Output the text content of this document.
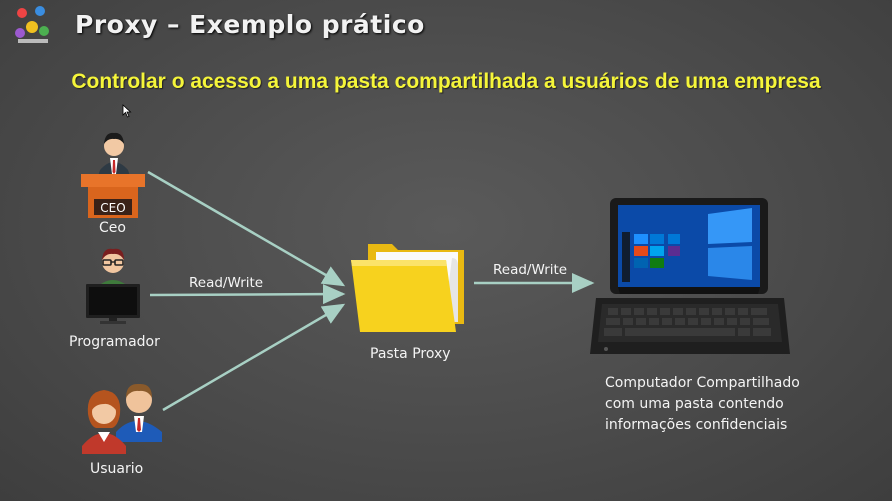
Proxy – Exemplo prático
Controlar o acesso a uma pasta compartilhada a usuários de uma empresa
CEO
Ceo
Programador
Usuario
Read/Write
Read/Write
Pasta Proxy
Computador Compartilhado
com uma pasta contendo
informações confidenciais
